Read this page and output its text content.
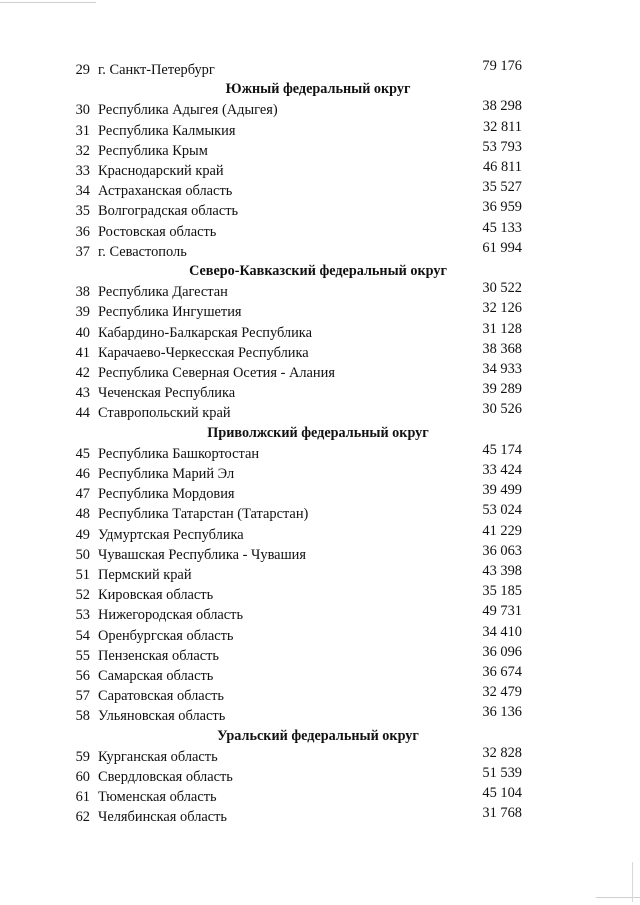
29 г. Санкт-Петербург	79 176
Южный федеральный округ
30 Республика Адыгея (Адыгея)	38 298
31 Республика Калмыкия	32 811
32 Республика Крым	53 793
33 Краснодарский край	46 811
34 Астраханская область	35 527
35 Волгоградская область	36 959
36 Ростовская область	45 133
37 г. Севастополь	61 994
Северо-Кавказский федеральный округ
38 Республика Дагестан	30 522
39 Республика Ингушетия	32 126
40 Кабардино-Балкарская Республика	31 128
41 Карачаево-Черкесская Республика	38 368
42 Республика Северная Осетия - Алания	34 933
43 Чеченская Республика	39 289
44 Ставропольский край	30 526
Приволжский федеральный округ
45 Республика Башкортостан	45 174
46 Республика Марий Эл	33 424
47 Республика Мордовия	39 499
48 Республика Татарстан (Татарстан)	53 024
49 Удмуртская Республика	41 229
50 Чувашская Республика - Чувашия	36 063
51 Пермский край	43 398
52 Кировская область	35 185
53 Нижегородская область	49 731
54 Оренбургская область	34 410
55 Пензенская область	36 096
56 Самарская область	36 674
57 Саратовская область	32 479
58 Ульяновская область	36 136
Уральский федеральный округ
59 Курганская область	32 828
60 Свердловская область	51 539
61 Тюменская область	45 104
62 Челябинская область	31 768
